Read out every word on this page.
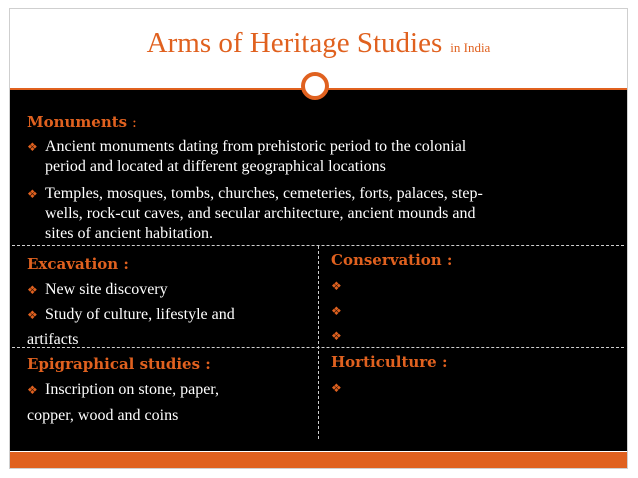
Arms of Heritage Studies in India
Monuments :
❖ Ancient monuments dating from prehistoric period to the colonial
period and located at different geographical locations
❖ Temples, mosques, tombs, churches, cemeteries, forts, palaces, step-
wells, rock-cut caves, and secular architecture, ancient mounds and
sites of ancient habitation.
Excavation :
❖ New site discovery
❖ Study of culture, lifestyle and
artifacts
Conservation :
❖
❖
❖
Epigraphical studies :
❖ Inscription on stone, paper,
copper, wood and coins
Horticulture :
❖
